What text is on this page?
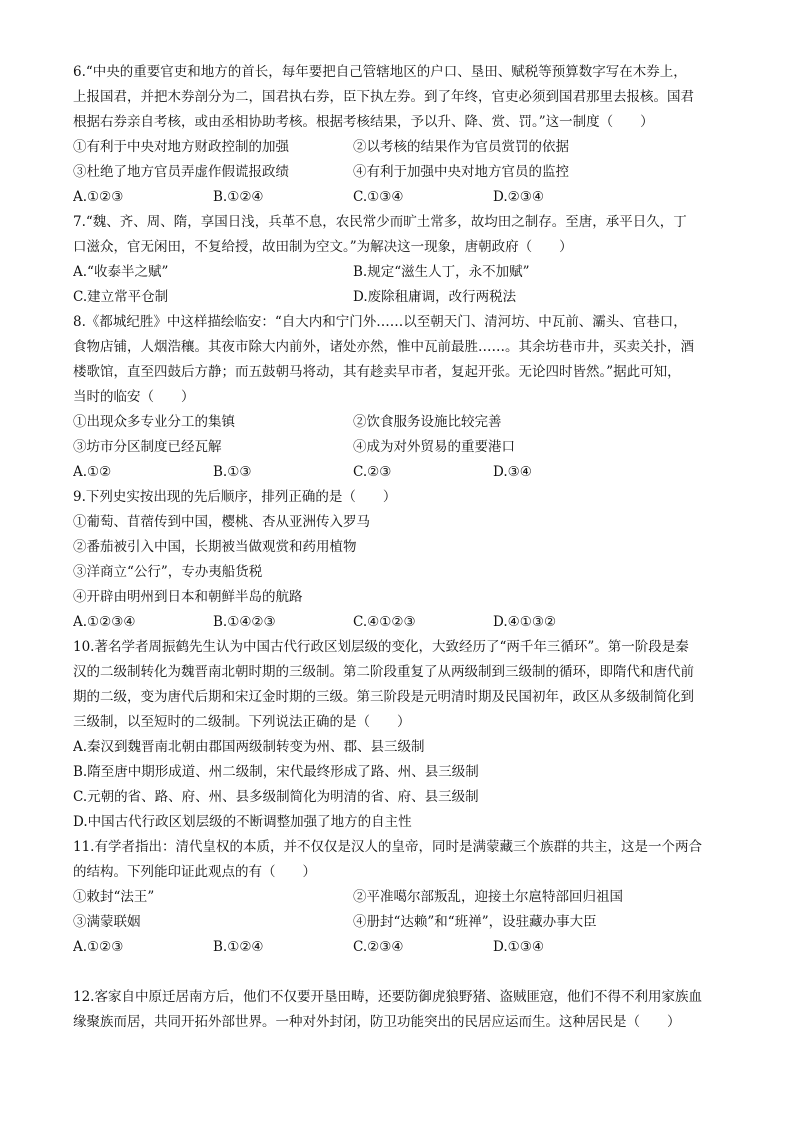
6.“中央的重要官吏和地方的首长，每年要把自己管辖地区的户口、垦田、赋税等预算数字写在木券上，
上报国君，并把木券剖分为二，国君执右券，臣下执左券。到了年终，官吏必须到国君那里去报核。国君
根据右券亲自考核，或由丞相协助考核。根据考核结果，予以升、降、赏、罚。”这一制度（　　）
①有利于中央对地方财政控制的加强	②以考核的结果作为官员赏罚的依据
③杜绝了地方官员弄虚作假谎报政绩	④有利于加强中央对地方官员的监控
A.①②③	B.①②④	C.①③④	D.②③④
7.“魏、齐、周、隋，享国日浅，兵革不息，农民常少而旷土常多，故均田之制存。至唐，承平日久，丁
口滋众，官无闲田，不复给授，故田制为空文。”为解决这一现象，唐朝政府（　　）
A.“收泰半之赋”	B.规定“滋生人丁，永不加赋”
C.建立常平仓制	D.废除租庸调，改行两税法
8.《都城纪胜》中这样描绘临安：“自大内和宁门外……以至朝天门、清河坊、中瓦前、灞头、官巷口，
食物店铺，人烟浩穰。其夜市除大内前外，诸处亦然，惟中瓦前最胜……。其余坊巷市井，买卖关扑，酒
楼歌馆，直至四鼓后方静；而五鼓朝马将动，其有趁卖早市者，复起开张。无论四时皆然。”据此可知，
当时的临安（　　）
①出现众多专业分工的集镇	②饮食服务设施比较完善
③坊市分区制度已经瓦解	④成为对外贸易的重要港口
A.①②	B.①③	C.②③	D.③④
9.下列史实按出现的先后顺序，排列正确的是（　　）
①葡萄、苜蓿传到中国，樱桃、杏从亚洲传入罗马
②番茄被引入中国，长期被当做观赏和药用植物
③洋商立“公行”，专办夷船货税
④开辟由明州到日本和朝鲜半岛的航路
A.①②③④	B.①④②③	C.④①②③	D.④①③②
10.著名学者周振鹤先生认为中国古代行政区划层级的变化，大致经历了“两千年三循环”。第一阶段是秦
汉的二级制转化为魏晋南北朝时期的三级制。第二阶段重复了从两级制到三级制的循环，即隋代和唐代前
期的二级，变为唐代后期和宋辽金时期的三级。第三阶段是元明清时期及民国初年，政区从多级制简化到
三级制，以至短时的二级制。下列说法正确的是（　　）
A.秦汉到魏晋南北朝由郡国两级制转变为州、郡、县三级制
B.隋至唐中期形成道、州二级制，宋代最终形成了路、州、县三级制
C.元朝的省、路、府、州、县多级制简化为明清的省、府、县三级制
D.中国古代行政区划层级的不断调整加强了地方的自主性
11.有学者指出：清代皇权的本质，并不仅仅是汉人的皇帝，同时是满蒙藏三个族群的共主，这是一个两合
的结构。下列能印证此观点的有（　　）
①敕封“法王”	②平准噶尔部叛乱，迎接土尔扈特部回归祖国
③满蒙联姻	④册封“达赖”和“班禅”，设驻藏办事大臣
A.①②③	B.①②④	C.②③④	D.①③④
12.客家自中原迁居南方后，他们不仅要开垦田畴，还要防御虎狼野猪、盗贼匪寇，他们不得不利用家族血
缘聚族而居，共同开拓外部世界。一种对外封闭，防卫功能突出的民居应运而生。这种居民是（　　）
